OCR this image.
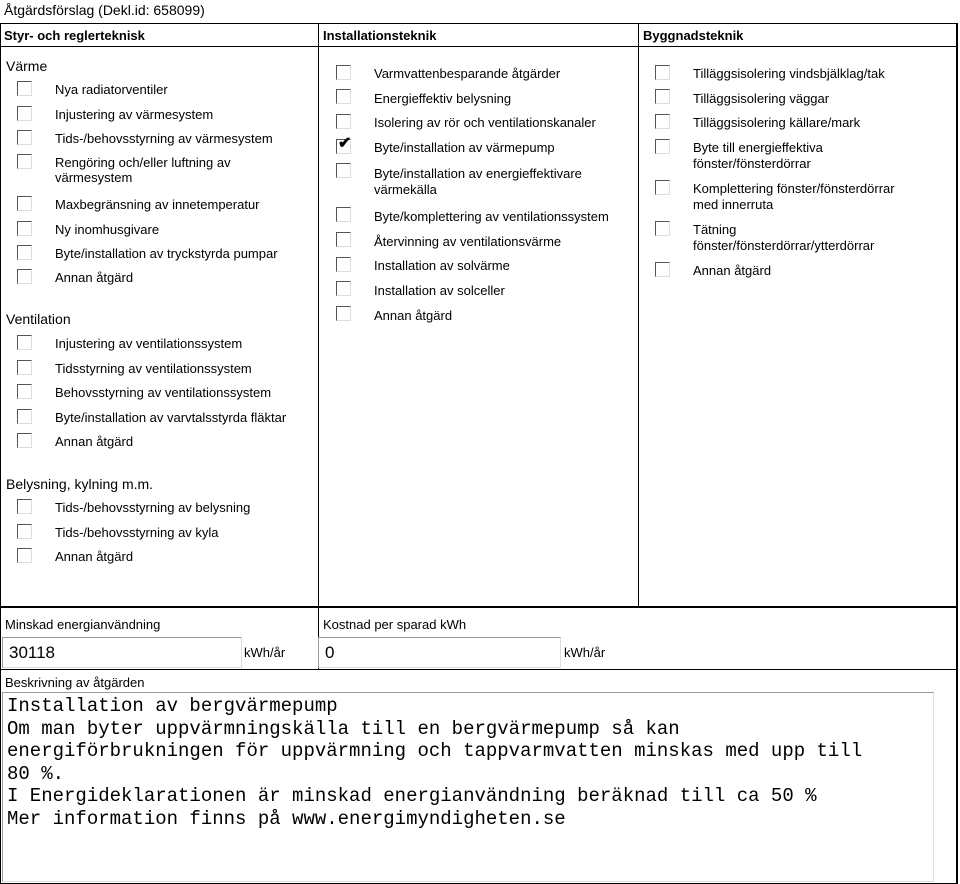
Åtgärdsförslag (Dekl.id: 658099)
Styr- och reglerteknisk	Installationsteknik	Byggnadsteknik
Värme
Ventilation
Belysning, kylning m.m.
Nya radiatorventiler
Injustering av värmesystem
Tids-/behovsstyrning av värmesystem
Rengöring och/eller luftning av
värmesystem
Maxbegränsning av innetemperatur
Ny inomhusgivare
Byte/installation av tryckstyrda pumpar
Annan åtgärd
Injustering av ventilationssystem
Tidsstyrning av ventilationssystem
Behovsstyrning av ventilationssystem
Byte/installation av varvtalsstyrda fläktar
Annan åtgärd
Tids-/behovsstyrning av belysning
Tids-/behovsstyrning av kyla
Annan åtgärd
Varmvattenbesparande åtgärder
Energieffektiv belysning
Isolering av rör och ventilationskanaler
✔ Byte/installation av värmepump
Byte/installation av energieffektivare
värmekälla
Byte/komplettering av ventilationssystem
Återvinning av ventilationsvärme
Installation av solvärme
Installation av solceller
Annan åtgärd
Tilläggsisolering vindsbjälklag/tak
Tilläggsisolering väggar
Tilläggsisolering källare/mark
Byte till energieffektiva
fönster/fönsterdörrar
Komplettering fönster/fönsterdörrar
med innerruta
Tätning
fönster/fönsterdörrar/ytterdörrar
Annan åtgärd
Minskad energianvändning
30118	kWh/år
Kostnad per sparad kWh
0	kWh/år
Beskrivning av åtgärden
Installation av bergvärmepump
Om man byter uppvärmningskälla till en bergvärmepump så kan
energiförbrukningen för uppvärmning och tappvarmvatten minskas med upp till
80 %.
I Energideklarationen är minskad energianvändning beräknad till ca 50 %
Mer information finns på www.energimyndigheten.se
